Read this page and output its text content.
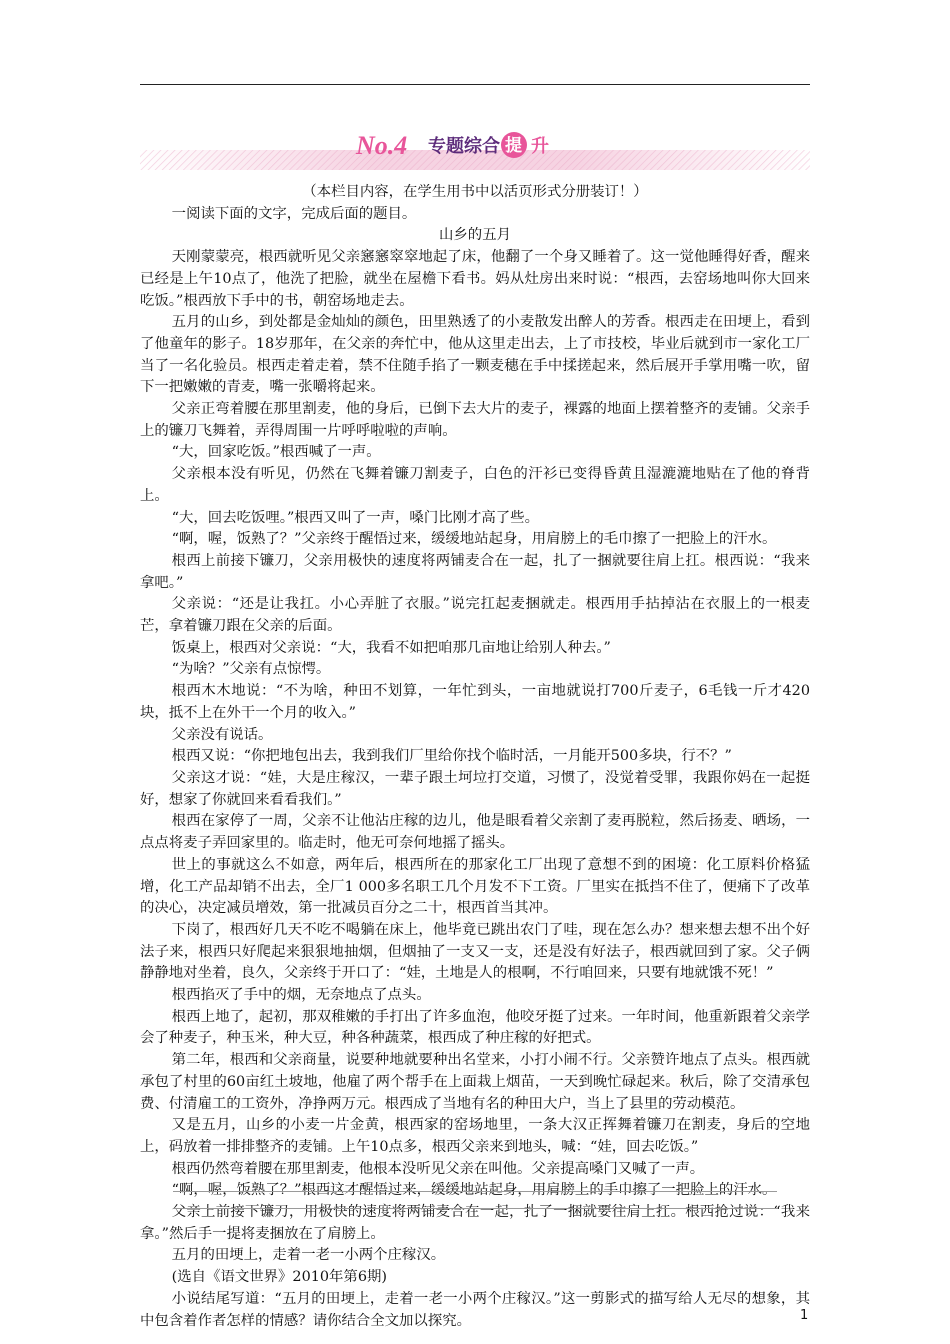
No.4 专题综合 提 升

（本栏目内容，在学生用书中以活页形式分册装订！）

一阅读下面的文字，完成后面的题目。

山乡的五月

天刚蒙蒙亮，根西就听见父亲窸窸窣窣地起了床，他翻了一个身又睡着了。这一觉他睡得好香，醒来已经是上午10点了，他洗了把脸，就坐在屋檐下看书。妈从灶房出来时说：“根西，去窑场地叫你大回来吃饭。”根西放下手中的书，朝窑场地走去。

五月的山乡，到处都是金灿灿的颜色，田里熟透了的小麦散发出醉人的芳香。根西走在田埂上，看到了他童年的影子。18岁那年，在父亲的奔忙中，他从这里走出去，上了市技校，毕业后就到市一家化工厂当了一名化验员。根西走着走着，禁不住随手掐了一颗麦穗在手中揉搓起来，然后展开手掌用嘴一吹，留下一把嫩嫩的青麦，嘴一张嚼将起来。

父亲正弯着腰在那里割麦，他的身后，已倒下去大片的麦子，裸露的地面上摆着整齐的麦铺。父亲手上的镰刀飞舞着，弄得周围一片呼呼啦啦的声响。

“大，回家吃饭。”根西喊了一声。

父亲根本没有听见，仍然在飞舞着镰刀割麦子，白色的汗衫已变得昏黄且湿漉漉地贴在了他的脊背上。

“大，回去吃饭哩。”根西又叫了一声，嗓门比刚才高了些。

“啊，喔，饭熟了？”父亲终于醒悟过来，缓缓地站起身，用肩膀上的毛巾擦了一把脸上的汗水。

根西上前接下镰刀，父亲用极快的速度将两铺麦合在一起，扎了一捆就要往肩上扛。根西说：“我来拿吧。”

父亲说：“还是让我扛。小心弄脏了衣服。”说完扛起麦捆就走。根西用手拈掉沾在衣服上的一根麦芒，拿着镰刀跟在父亲的后面。

饭桌上，根西对父亲说：“大，我看不如把咱那几亩地让给别人种去。”

“为啥？”父亲有点惊愕。

根西木木地说：“不为啥，种田不划算，一年忙到头，一亩地就说打700斤麦子，6毛钱一斤才420块，抵不上在外干一个月的收入。”

父亲没有说话。

根西又说：“你把地包出去，我到我们厂里给你找个临时活，一月能开500多块，行不？”

父亲这才说：“娃，大是庄稼汉，一辈子跟土坷垃打交道，习惯了，没觉着受罪，我跟你妈在一起挺好，想家了你就回来看看我们。”

根西在家停了一周，父亲不让他沾庄稼的边儿，他是眼看着父亲割了麦再脱粒，然后扬麦、晒场，一点点将麦子弄回家里的。临走时，他无可奈何地摇了摇头。

世上的事就这么不如意，两年后，根西所在的那家化工厂出现了意想不到的困境：化工原料价格猛增，化工产品却销不出去，全厂1 000多名职工几个月发不下工资。厂里实在抵挡不住了，便痛下了改革的决心，决定减员增效，第一批减员百分之二十，根西首当其冲。

下岗了，根西好几天不吃不喝躺在床上，他毕竟已跳出农门了哇，现在怎么办？想来想去想不出个好法子来，根西只好爬起来狠狠地抽烟，但烟抽了一支又一支，还是没有好法子，根西就回到了家。父子俩静静地对坐着，良久，父亲终于开口了：“娃，土地是人的根啊，不行咱回来，只要有地就饿不死！”

根西掐灭了手中的烟，无奈地点了点头。

根西上地了，起初，那双稚嫩的手打出了许多血泡，他咬牙挺了过来。一年时间，他重新跟着父亲学会了种麦子，种玉米，种大豆，种各种蔬菜，根西成了种庄稼的好把式。

第二年，根西和父亲商量，说要种地就要种出名堂来，小打小闹不行。父亲赞许地点了点头。根西就承包了村里的60亩红土坡地，他雇了两个帮手在上面栽上烟苗，一天到晚忙碌起来。秋后，除了交清承包费、付清雇工的工资外，净挣两万元。根西成了当地有名的种田大户，当上了县里的劳动模范。

又是五月，山乡的小麦一片金黄，根西家的窑场地里，一条大汉正挥舞着镰刀在割麦，身后的空地上，码放着一排排整齐的麦铺。上午10点多，根西父亲来到地头，喊：“娃，回去吃饭。”

根西仍然弯着腰在那里割麦，他根本没听见父亲在叫他。父亲提高嗓门又喊了一声。

“啊，喔，饭熟了？”根西这才醒悟过来，缓缓地站起身，用肩膀上的手巾擦了一把脸上的汗水。

父亲上前接下镰刀，用极快的速度将两铺麦合在一起，扎了一捆就要往肩上扛。根西抢过说：“我来拿。”然后手一提将麦捆放在了肩膀上。

五月的田埂上，走着一老一小两个庄稼汉。

(选自《语文世界》2010年第6期)

小说结尾写道：“五月的田埂上，走着一老一小两个庄稼汉。”这一剪影式的描写给人无尽的想象，其中包含着作者怎样的情感？请你结合全文加以探究。	1
